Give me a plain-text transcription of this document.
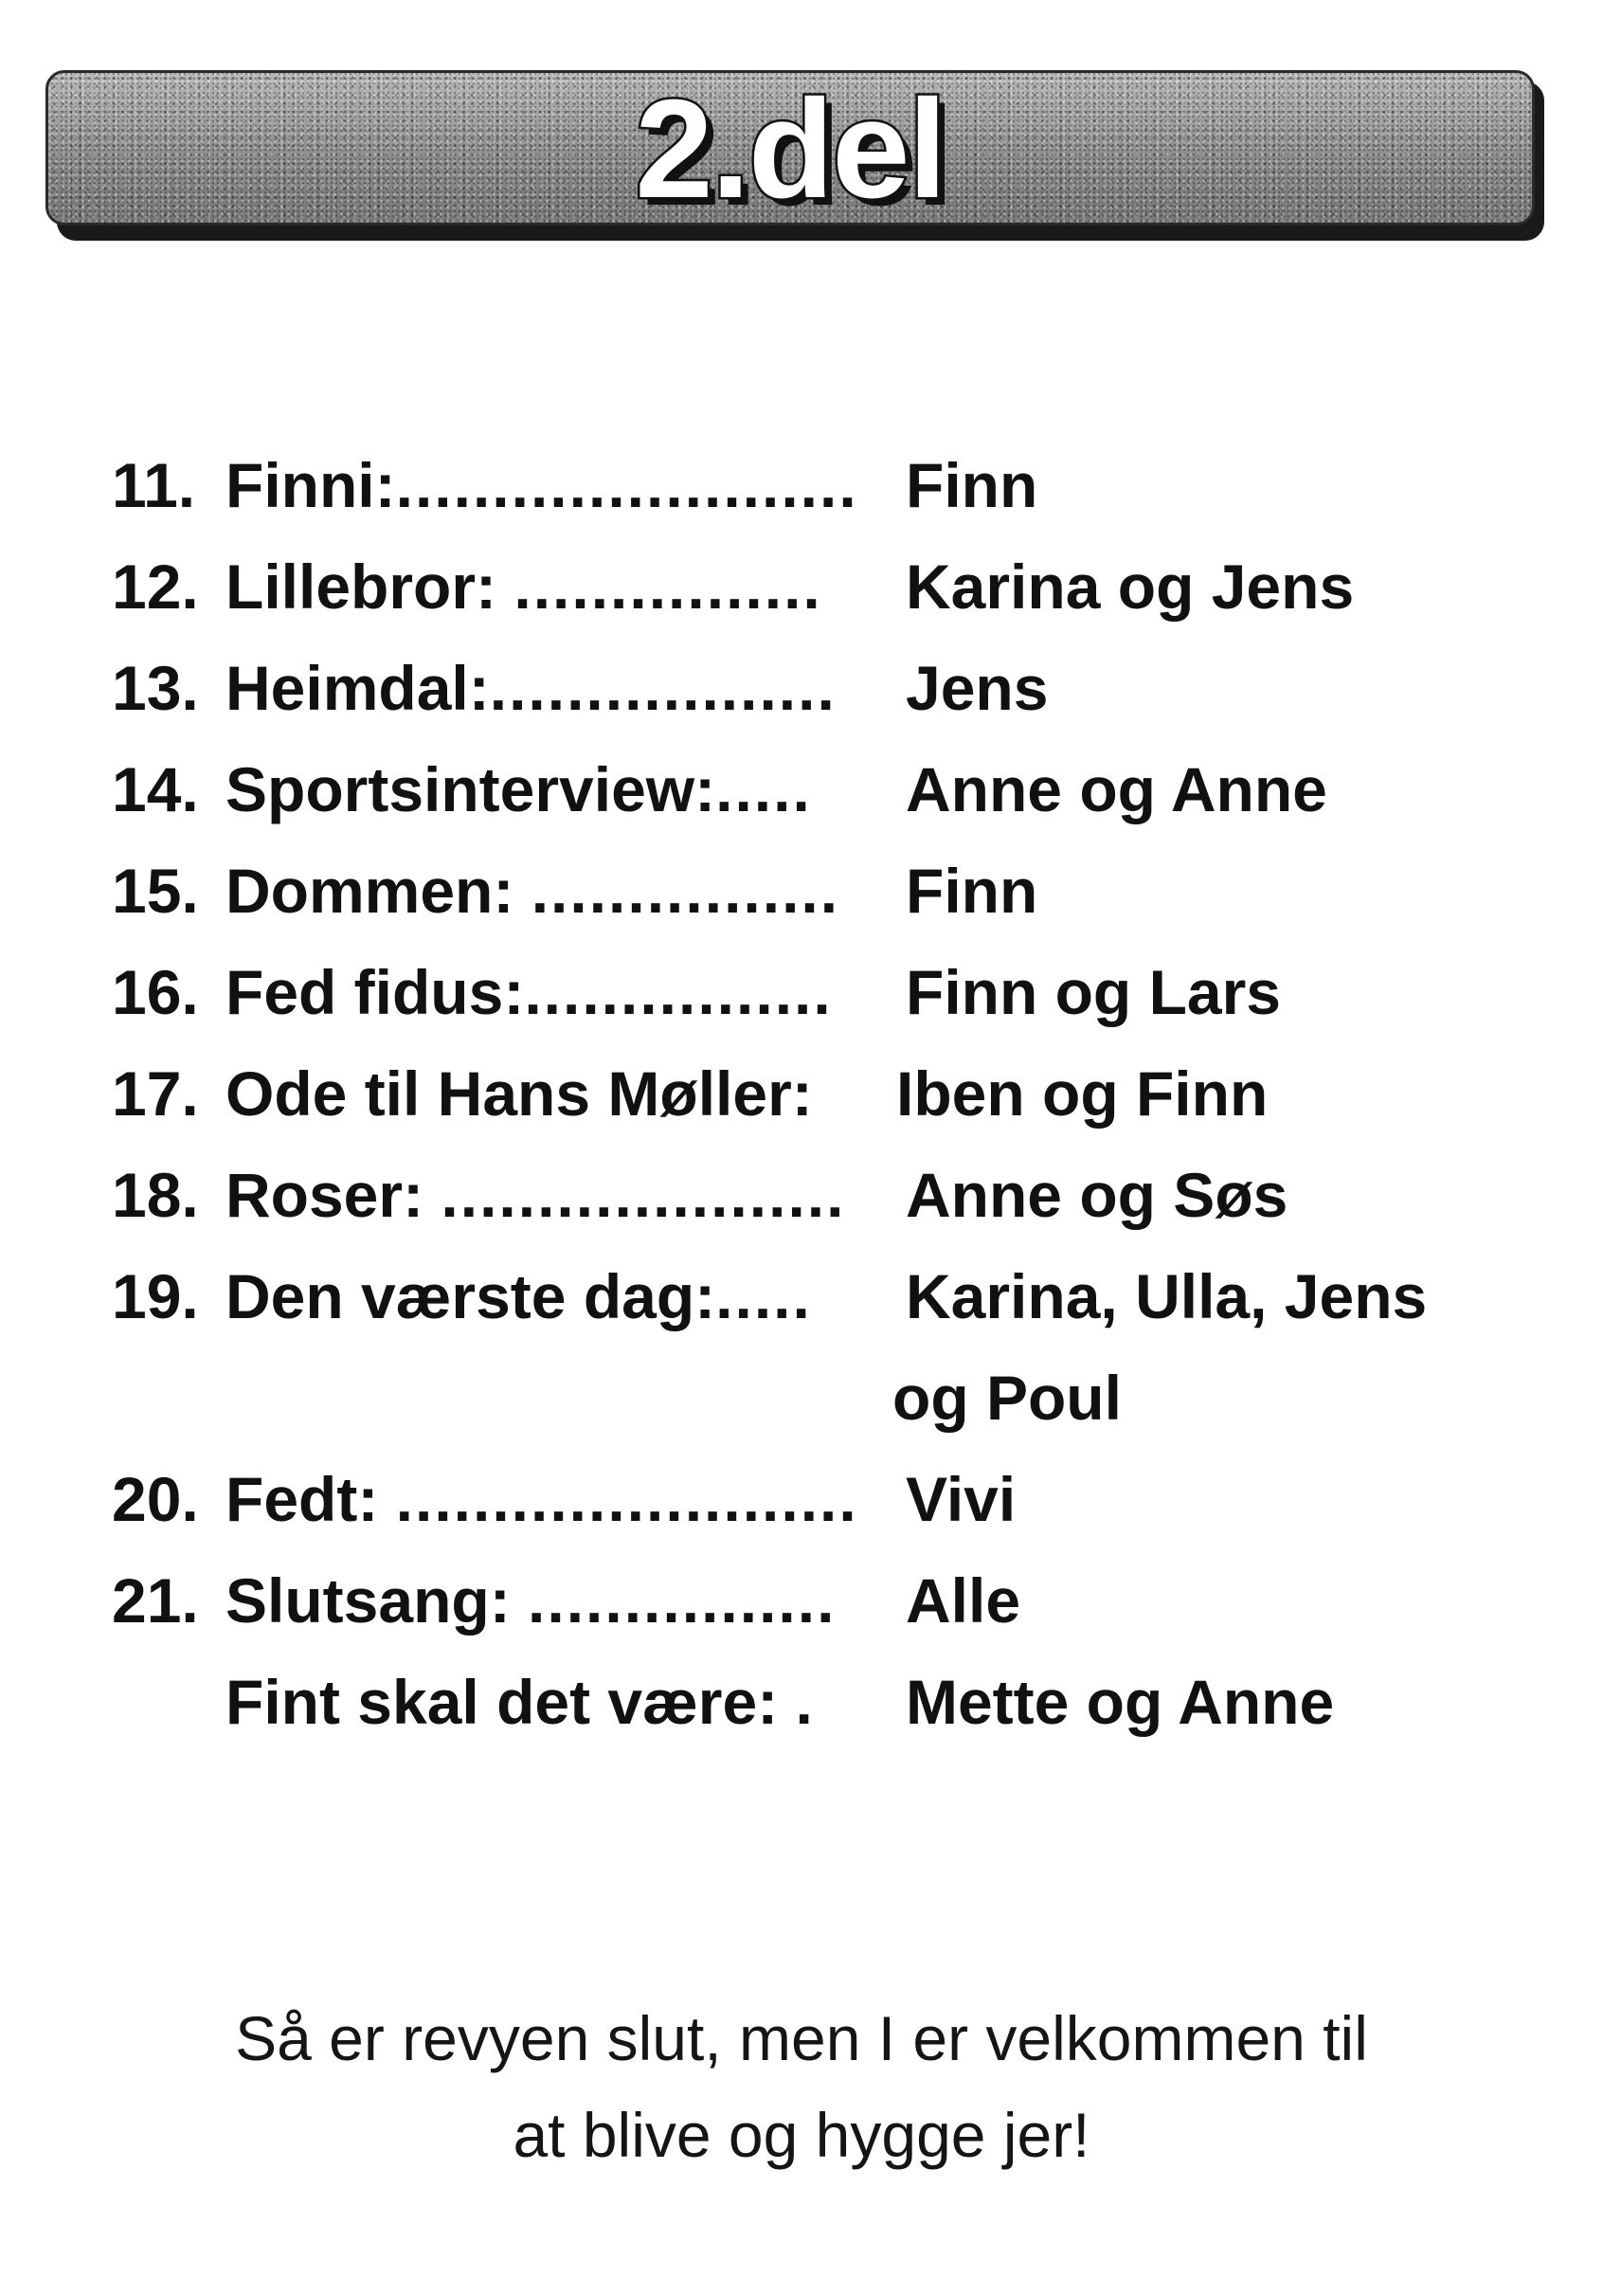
2.del
11. Finni:........................ Finn
12. Lillebror: ................	Karina og Jens
13. Heimdal:..................	Jens
14. Sportsinterview:.....	Anne og Anne
15. Dommen: ................	Finn
16. Fed fidus:................	Finn og Lars
17. Ode til Hans Møller:	Iben og Finn
18. Roser: ..................... Anne og Søs
19. Den værste dag:.....	Karina, Ulla, Jens
og Poul
20. Fedt: ........................ Vivi
21. Slutsang: ................	Alle
Fint skal det være: .	Mette og Anne
Så er revyen slut, men I er velkommen til
at blive og hygge jer!
